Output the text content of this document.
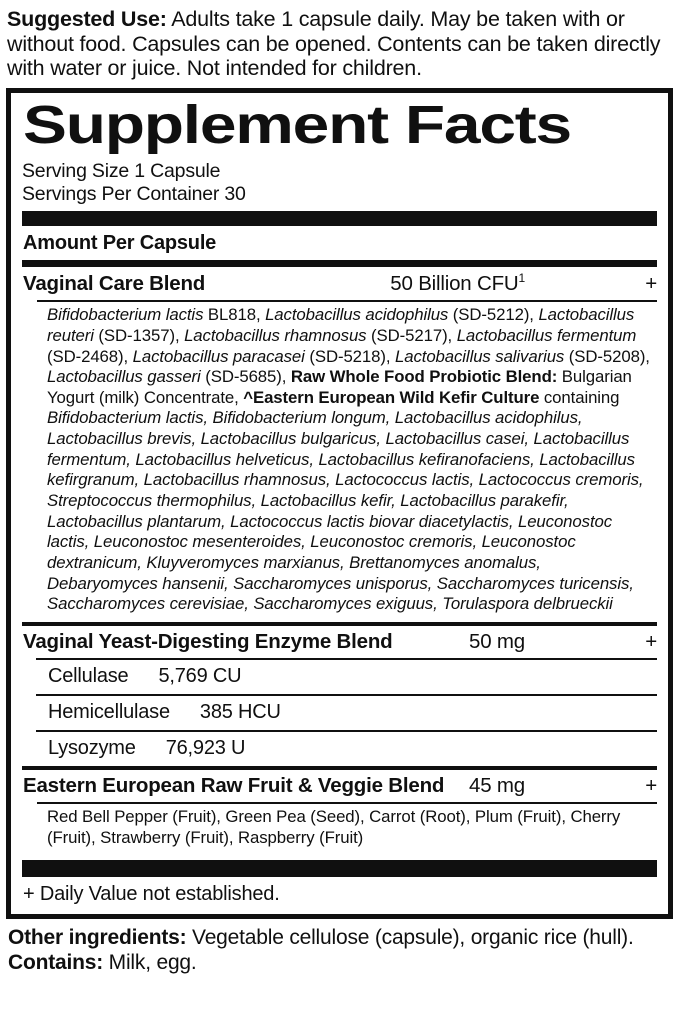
Suggested Use: Adults take 1 capsule daily. May be taken with or without food. Capsules can be opened. Contents can be taken directly with water or juice. Not intended for children.
Supplement Facts
Serving Size 1 Capsule
Servings Per Container 30
Amount Per Capsule
Vaginal Care Blend	50 Billion $CFU^1$	+
Bifidobacterium lactis BL818, Lactobacillus acidophilus (SD-5212), Lactobacillus reuteri (SD-1357), Lactobacillus rhamnosus (SD-5217), Lactobacillus fermentum (SD-2468), Lactobacillus paracasei (SD-5218), Lactobacillus salivarius (SD-5208), Lactobacillus gasseri (SD-5685), Raw Whole Food Probiotic Blend: Bulgarian Yogurt (milk) Concentrate, ^Eastern European Wild Kefir Culture containing Bifidobacterium lactis, Bifidobacterium longum, Lactobacillus acidophilus, Lactobacillus brevis, Lactobacillus bulgaricus, Lactobacillus casei, Lactobacillus fermentum, Lactobacillus helveticus, Lactobacillus kefiranofaciens, Lactobacillus kefirgranum, Lactobacillus rhamnosus, Lactococcus lactis, Lactococcus cremoris, Streptococcus thermophilus, Lactobacillus kefir, Lactobacillus parakefir, Lactobacillus plantarum, Lactococcus lactis biovar diacetylactis, Leuconostoc lactis, Leuconostoc mesenteroides, Leuconostoc cremoris, Leuconostoc dextranicum, Kluyveromyces marxianus, Brettanomyces anomalus, Debaryomyces hansenii, Saccharomyces unisporus, Saccharomyces turicensis, Saccharomyces cerevisiae, Saccharomyces exiguus, Torulaspora delbrueckii
Vaginal Yeast-Digesting Enzyme Blend	50 mg	+
Cellulase 5,769 CU
Hemicellulase 385 HCU
Lysozyme 76,923 U
Eastern European Raw Fruit & Veggie Blend 45 mg	+
Red Bell Pepper (Fruit), Green Pea (Seed), Carrot (Root), Plum (Fruit), Cherry (Fruit), Strawberry (Fruit), Raspberry (Fruit)
+ Daily Value not established.
Other ingredients: Vegetable cellulose (capsule), organic rice (hull).
Contains: Milk, egg.
